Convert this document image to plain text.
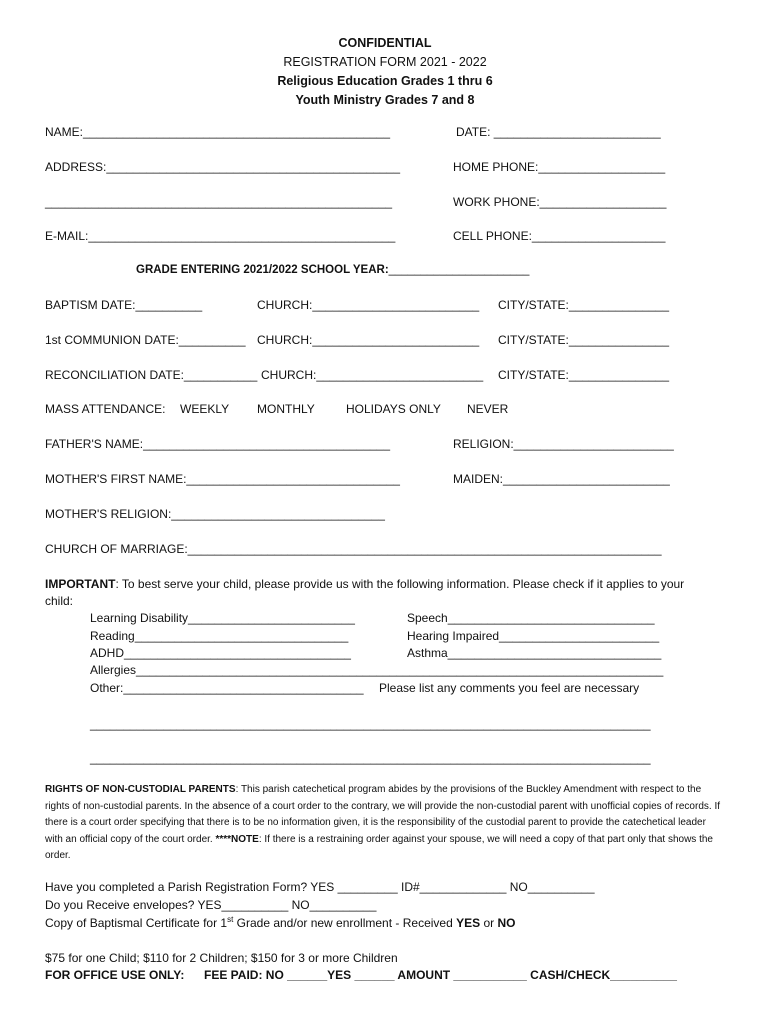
CONFIDENTIAL
REGISTRATION FORM 2021 - 2022
Religious Education Grades 1 thru 6
Youth Ministry Grades 7 and 8
NAME:______________________________________________	DATE: _________________________
ADDRESS:____________________________________________	HOME PHONE:___________________
____________________________________________________	WORK PHONE:___________________
E-MAIL:______________________________________________	CELL PHONE:____________________
GRADE ENTERING 2021/2022 SCHOOL YEAR:______________________
BAPTISM DATE:__________	CHURCH:_________________________ CITY/STATE:_______________
1st COMMUNION DATE:__________ CHURCH:_________________________ CITY/STATE:_______________
RECONCILIATION DATE:___________ CHURCH:_________________________ CITY/STATE:_______________
MASS ATTENDANCE: WEEKLY MONTHLY	HOLIDAYS ONLY NEVER
FATHER'S NAME:_____________________________________	RELIGION:________________________
MOTHER'S FIRST NAME:________________________________	MAIDEN:_________________________
MOTHER'S RELIGION:________________________________
CHURCH OF MARRIAGE:_______________________________________________________________________
IMPORTANT: To best serve your child, please provide us with the following information. Please check if it applies to your child:
Learning Disability_________________________	Speech_______________________________
Reading________________________________	Hearing Impaired________________________
ADHD__________________________________	Asthma________________________________
Allergies_______________________________________________________________________________
Other:____________________________________ Please list any comments you feel are necessary
____________________________________________________________________________________
____________________________________________________________________________________
RIGHTS OF NON-CUSTODIAL PARENTS: This parish catechetical program abides by the provisions of the Buckley Amendment with respect to the rights of non-custodial parents. In the absence of a court order to the contrary, we will provide the non-custodial parent with unofficial copies of records. If there is a court order specifying that there is to be no information given, it is the responsibility of the custodial parent to provide the catechetical leader with an official copy of the court order. ****NOTE: If there is a restraining order against your spouse, we will need a copy of that part only that shows the order.
Have you completed a Parish Registration Form? YES _________ ID#_____________ NO__________
Do you Receive envelopes? YES__________ NO__________
Copy of Baptismal Certificate for 1st Grade and/or new enrollment - Received YES or NO
$75 for one Child; $110 for 2 Children; $150 for 3 or more Children
FOR OFFICE USE ONLY: FEE PAID: NO ______YES ______ AMOUNT ___________ CASH/CHECK__________
